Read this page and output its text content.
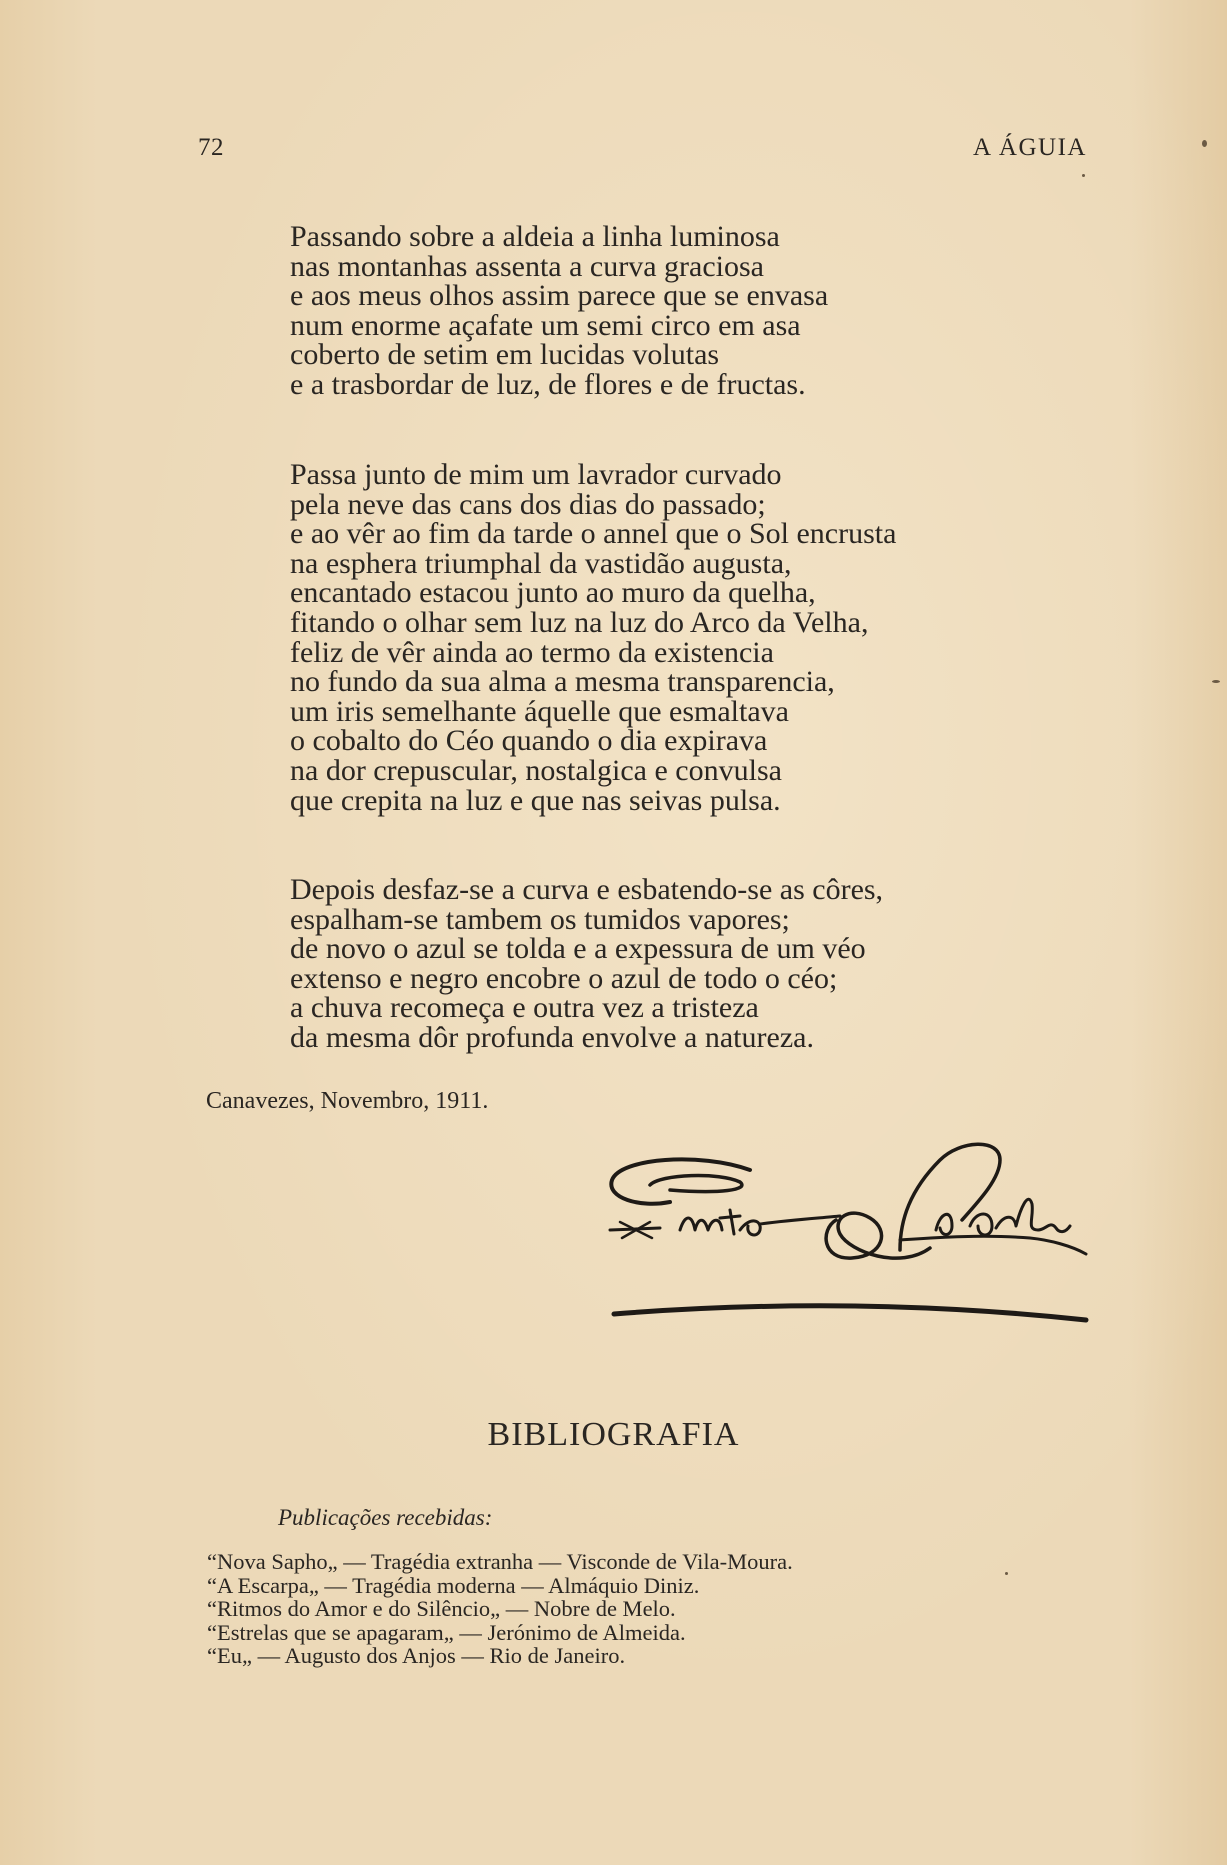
72	A ÁGUIA
Passando sobre a aldeia a linha luminosa
nas montanhas assenta a curva graciosa
e aos meus olhos assim parece que se envasa
num enorme açafate um semi circo em asa
coberto de setim em lucidas volutas
e a trasbordar de luz, de flores e de fructas.
Passa junto de mim um lavrador curvado
pela neve das cans dos dias do passado;
e ao vêr ao fim da tarde o annel que o Sol encrusta
na esphera triumphal da vastidão augusta,
encantado estacou junto ao muro da quelha,
fitando o olhar sem luz na luz do Arco da Velha,
feliz de vêr ainda ao termo da existencia
no fundo da sua alma a mesma transparencia,
um iris semelhante áquelle que esmaltava
o cobalto do Céo quando o dia expirava
na dor crepuscular, nostalgica e convulsa
que crepita na luz e que nas seivas pulsa.
Depois desfaz-se a curva e esbatendo-se as côres,
espalham-se tambem os tumidos vapores;
de novo o azul se tolda e a expessura de um véo
extenso e negro encobre o azul de todo o céo;
a chuva recomeça e outra vez a tristeza
da mesma dôr profunda envolve a natureza.
Canavezes, Novembro, 1911.
BIBLIOGRAFIA
Publicações recebidas:
“Nova Sapho„ — Tragédia extranha — Visconde de Vila-Moura.
“A Escarpa„ — Tragédia moderna — Almáquio Diniz.
“Ritmos do Amor e do Silêncio„ — Nobre de Melo.
“Estrelas que se apagaram„ — Jerónimo de Almeida.
“Eu„ — Augusto dos Anjos — Rio de Janeiro.
